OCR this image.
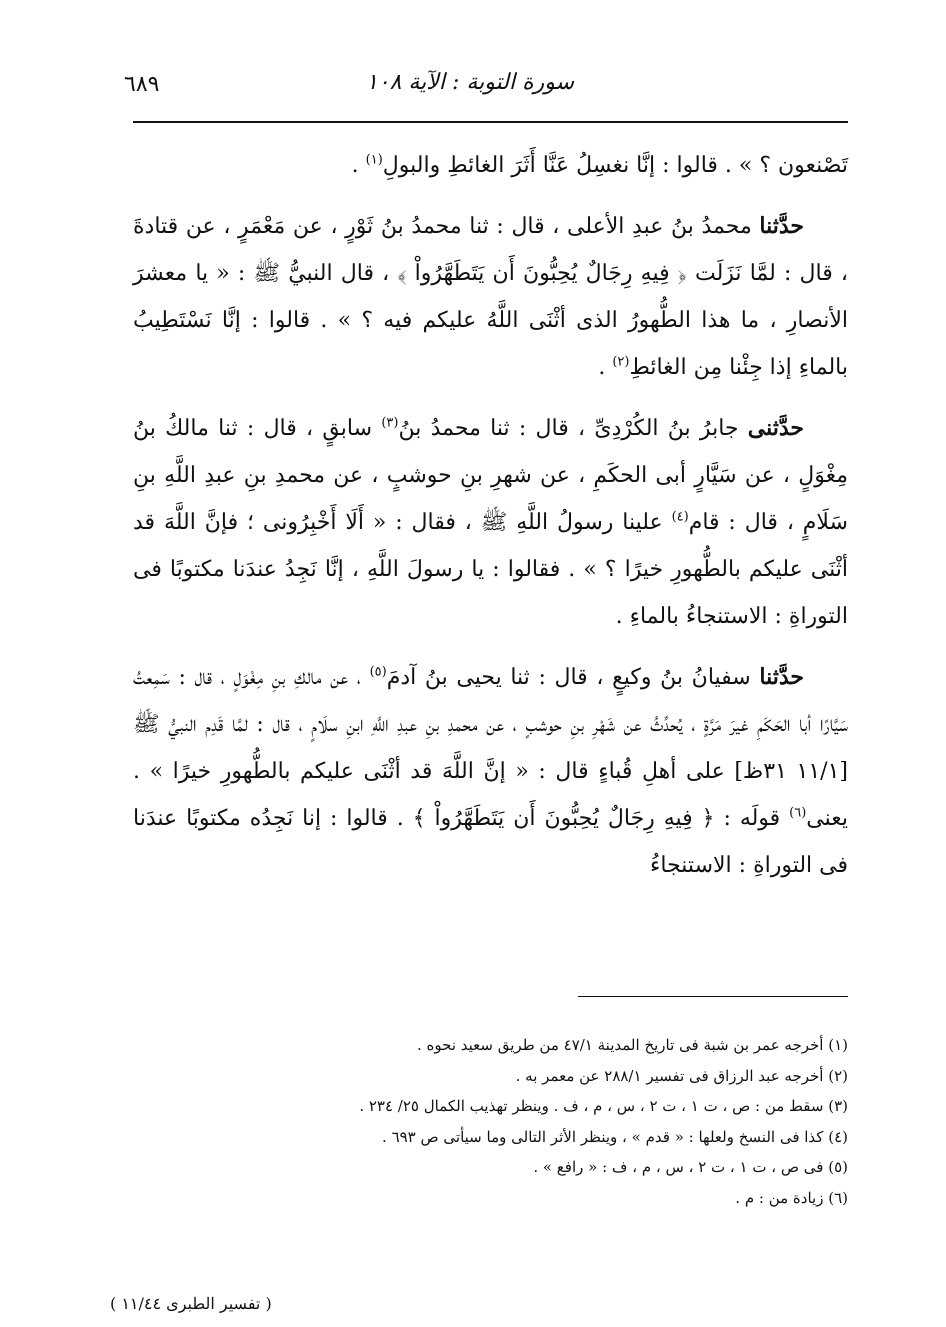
٦٨٩	سورة التوبة : الآية ١٠٨

تَصْنعون ؟ » . قالوا : إنَّا نغسِلُ عَنَّا أَثَرَ الغائطِ والبولِ$^{(١)}$ .

حدَّثنا محمدُ بنُ عبدِ الأعلى ، قال : ثنا محمدُ بنُ ثَوْرٍ ، عن مَعْمَرٍ ، عن قتادةَ ، قال : لمَّا نَزَلَت ﴿ فِيهِ رِجَالٌ يُحِبُّونَ أَن يَتَطَهَّرُواْ ﴾ ، قال النبيُّ ﷺ : « يا معشرَ الأنصارِ ، ما هذا الطُّهورُ الذى أثْنَى اللَّهُ عليكم فيه ؟ » . قالوا : إنَّا نَسْتَطِيبُ بالماءِ إذا جِئْنا مِن الغائطِ$^{(٢)}$ .

حدَّثنى جابرُ بنُ الكُرْدِىِّ ، قال : ثنا محمدُ بنُ$^{(٣)}$ سابقٍ ، قال : ثنا مالكُ بنُ مِغْوَلٍ ، عن سَيَّارٍ أبى الحكَمِ ، عن شهرِ بنِ حوشبٍ ، عن محمدِ بنِ عبدِ اللَّهِ بنِ سَلَامٍ ، قال : قام$^{(٤)}$ علينا رسولُ اللَّهِ ﷺ ، فقال : « أَلَا أَخْبِرُونى ؛ فإنَّ اللَّهَ قد أثْنَى عليكم بالطُّهورِ خيرًا ؟ » . فقالوا : يا رسولَ اللَّهِ ، إنَّا نَجِدُ عندَنا مكتوبًا فى التوراةِ : الاستنجاءُ بالماءِ .

حدَّثنا سفيانُ بنُ وكيعٍ ، قال : ثنا يحيى بنُ آدمَ$^{(٥)}$ ، عن مالكِ بنِ مِغْوَلٍ ، قال : سَمِعتُ سَيَّارًا أبا الحَكَمِ غيرَ مَرَّةٍ ، يُحدِّثُ عن شَهْرِ بنِ حوشبٍ ، عن محمدِ بنِ عبدِ اللَّهِ ابنِ سلَامٍ ، قال : لمَّا قَدِم النبيُّ ﷺ [١١/١ ٣١ظ] على أهلِ قُباءٍ قال : « إنَّ اللَّهَ قد أثْنَى عليكم بالطُّهورِ خيرًا » . يعنى$^{(٦)}$ قولَه : ﴿ فِيهِ رِجَالٌ يُحِبُّونَ أَن يَتَطَهَّرُواْ ﴾ . قالوا : إنا نَجِدُه مكتوبًا عندَنا فى التوراةِ : الاستنجاءُ

(١) أخرجه عمر بن شبة فى تاريخ المدينة ٤٧/١ من طريق سعيد نحوه .
(٢) أخرجه عبد الرزاق فى تفسير ٢٨٨/١ عن معمر به .
(٣) سقط من : ص ، ت ١ ، ت ٢ ، س ، م ، ف . وينظر تهذيب الكمال ٢٥/ ٢٣٤ .
(٤) كذا فى النسخ ولعلها : « قدم » ، وينظر الأثر التالى وما سيأتى ص ٦٩٣ .
(٥) فى ص ، ت ١ ، ت ٢ ، س ، م ، ف : « رافع » .
(٦) زيادة من : م .
( تفسير الطبرى ١١/٤٤ )
